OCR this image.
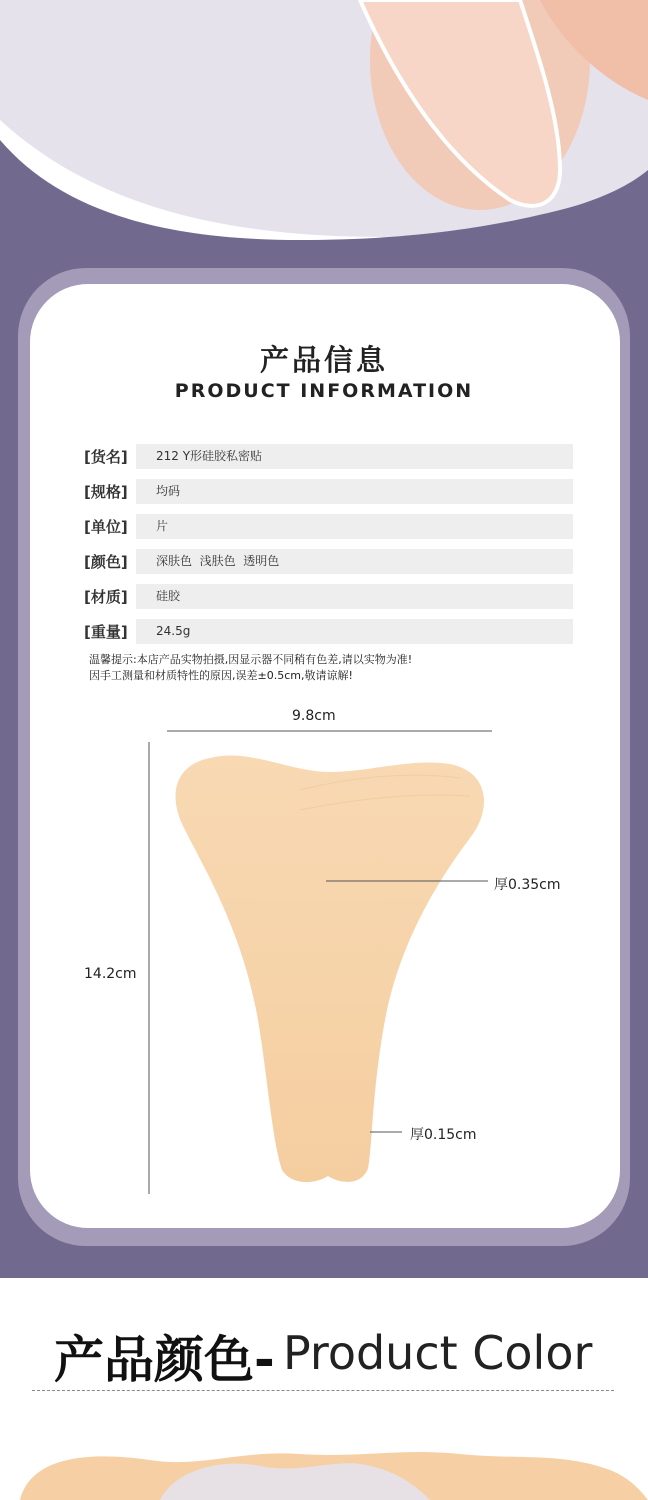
产品信息
PRODUCT INFORMATION
[货名]	212 Y形硅胶私密贴
[规格]	均码
[单位]	片
[颜色]	深肤色  浅肤色  透明色
[材质]	硅胶
[重量]	24.5g
温馨提示:本店产品实物拍摄,因显示器不同稍有色差,请以实物为准!
因手工测量和材质特性的原因,误差±0.5cm,敬请谅解!
9.8cm
14.2cm
厚0.35cm
厚0.15cm
产品颜色- Product Color
